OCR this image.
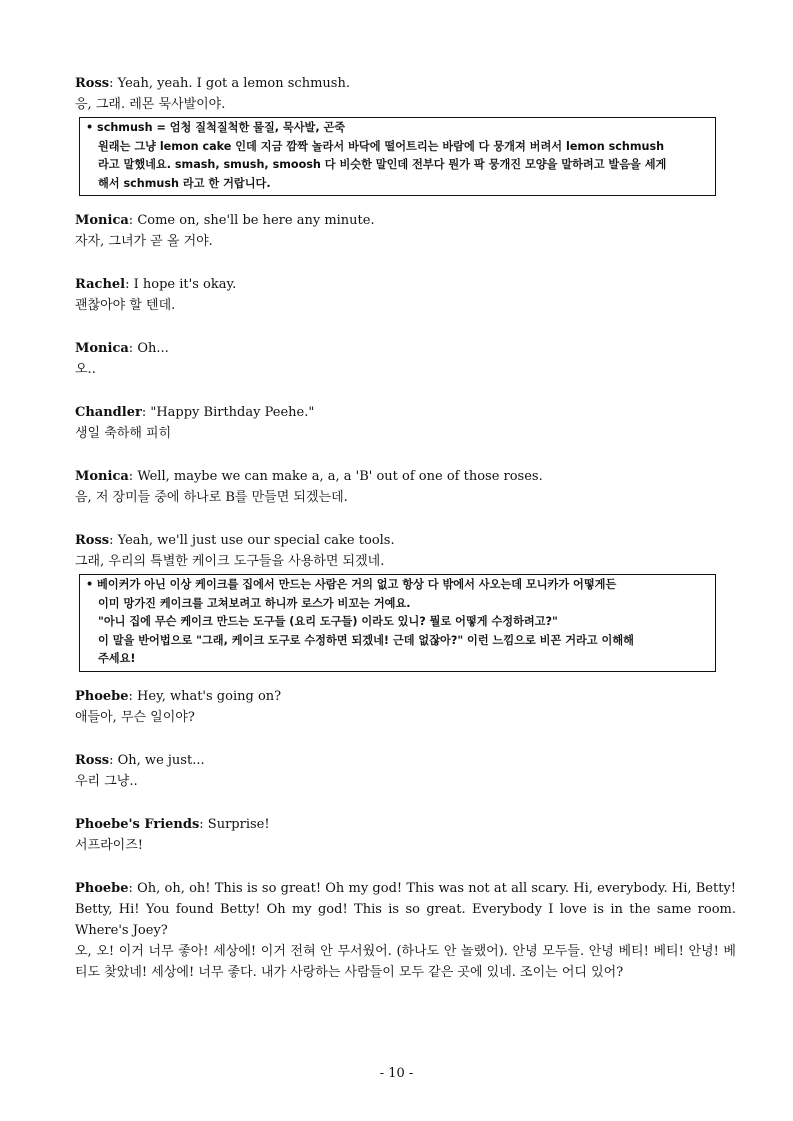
Ross: Yeah, yeah. I got a lemon schmush.
응, 그래. 레몬 묵사발이야.
• schmush = 엄청 질척질척한 물질, 묵사발, 곤죽
원래는 그냥 lemon cake 인데 지금 깜짝 놀라서 바닥에 떨어트리는 바람에 다 뭉개져 버려서 lemon schmush
라고 말했네요. smash, smush, smoosh 다 비슷한 말인데 전부다 뭔가 팍 뭉개진 모양을 말하려고 발음을 세게
해서 schmush 라고 한 거랍니다.
Monica: Come on, she'll be here any minute.
자자, 그녀가 곧 올 거야.
Rachel: I hope it's okay.
괜찮아야 할 텐데.
Monica: Oh...
오..
Chandler: "Happy Birthday Peehe."
생일 축하해 피히
Monica: Well, maybe we can make a, a, a 'B' out of one of those roses.
음, 저 장미들 중에 하나로 B를 만들면 되겠는데.
Ross: Yeah, we'll just use our special cake tools.
그래, 우리의 특별한 케이크 도구들을 사용하면 되겠네.
• 베이커가 아닌 이상 케이크를 집에서 만드는 사람은 거의 없고 항상 다 밖에서 사오는데 모니카가 어떻게든
이미 망가진 케이크를 고쳐보려고 하니까 로스가 비꼬는 거예요.
"아니 집에 무슨 케이크 만드는 도구들 (요리 도구들) 이라도 있니? 뭘로 어떻게 수정하려고?"
이 말을 반어법으로 "그래, 케이크 도구로 수정하면 되겠네! 근데 없잖아?" 이런 느낌으로 비꼰 거라고 이해해
주세요!
Phoebe: Hey, what's going on?
애들아, 무슨 일이야?
Ross: Oh, we just...
우리 그냥..
Phoebe's Friends: Surprise!
서프라이즈!
Phoebe: Oh, oh, oh! This is so great! Oh my god! This was not at all scary. Hi, everybody. Hi, Betty! Betty, Hi! You found Betty! Oh my god! This is so great. Everybody I love is in the same room. Where's Joey?
오, 오! 이거 너무 좋아! 세상에! 이거 전혀 안 무서웠어. (하나도 안 놀랬어). 안녕 모두들. 안녕 베티! 베티! 안녕! 베티도 찾았네! 세상에! 너무 좋다. 내가 사랑하는 사람들이 모두 같은 곳에 있네. 조이는 어디 있어?
- 10 -
